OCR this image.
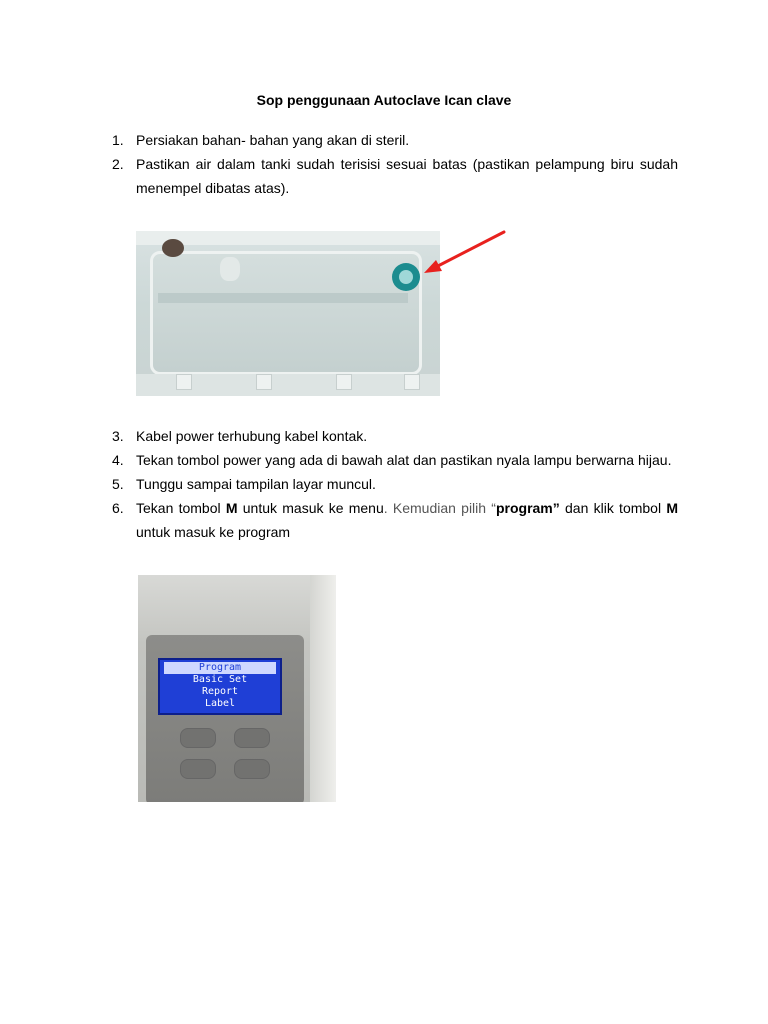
Sop penggunaan Autoclave Ican clave
1. Persiakan bahan- bahan yang akan di steril.
2. Pastikan air dalam tanki sudah terisisi sesuai batas (pastikan pelampung biru sudah menempel dibatas atas).
3. Kabel power terhubung kabel kontak.
4. Tekan tombol power yang ada di bawah alat dan pastikan nyala lampu berwarna hijau.
5. Tunggu sampai tampilan layar muncul.
6. Tekan tombol M untuk masuk ke menu. Kemudian pilih “program” dan klik tombol M untuk masuk ke program
Program
Basic Set
Report
Label
